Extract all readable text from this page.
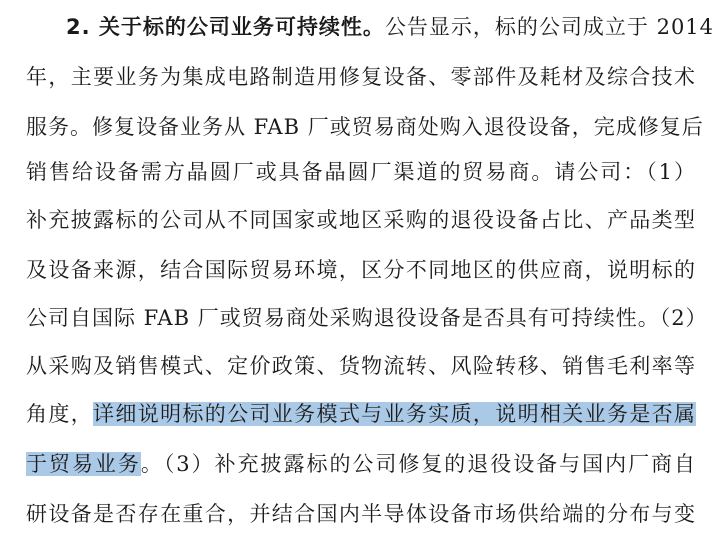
2. 关于标的公司业务可持续性。公告显示，标的公司成立于 2014
年，主要业务为集成电路制造用修复设备、零部件及耗材及综合技术
服务。修复设备业务从 FAB 厂或贸易商处购入退役设备，完成修复后
销售给设备需方晶圆厂或具备晶圆厂渠道的贸易商。请公司：（1）
补充披露标的公司从不同国家或地区采购的退役设备占比、产品类型
及设备来源，结合国际贸易环境，区分不同地区的供应商，说明标的
公司自国际 FAB 厂或贸易商处采购退役设备是否具有可持续性。（2）
从采购及销售模式、定价政策、货物流转、风险转移、销售毛利率等
角度，详细说明标的公司业务模式与业务实质，说明相关业务是否属
于贸易业务。（3）补充披露标的公司修复的退役设备与国内厂商自
研设备是否存在重合，并结合国内半导体设备市场供给端的分布与变
